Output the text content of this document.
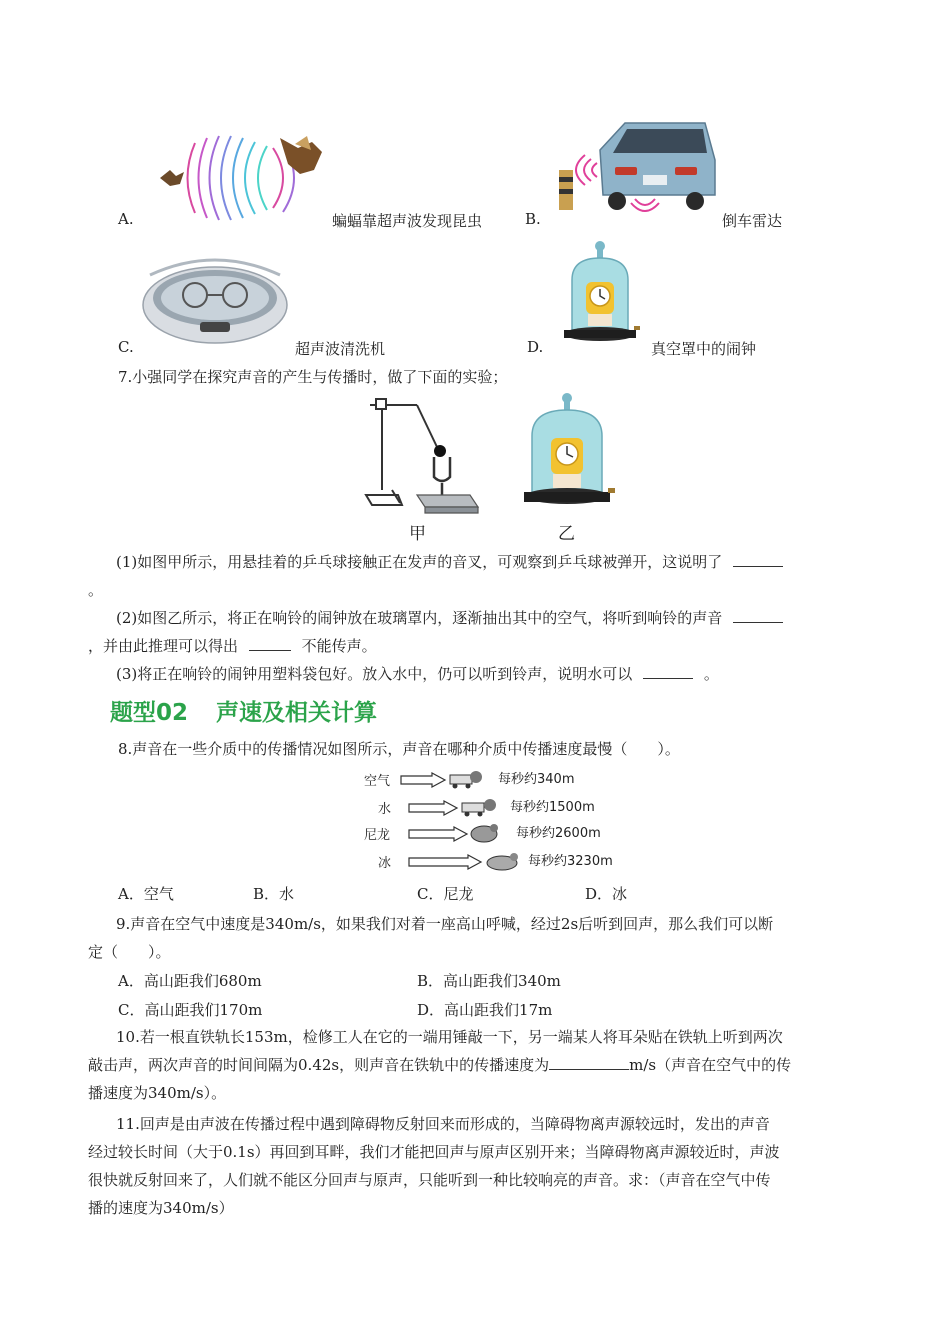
A.	蝙蝠靠超声波发现昆虫	B.	倒车雷达
C.	超声波清洗机	D.	真空罩中的闹钟
7.小强同学在探究声音的产生与传播时，做了下面的实验；
甲	乙
(1)如图甲所示，用悬挂着的乒乓球接触正在发声的音叉，可观察到乒乓球被弹开，这说明了
。
(2)如图乙所示，将正在响铃的闹钟放在玻璃罩内，逐渐抽出其中的空气，将听到响铃的声音
，并由此推理可以得出	不能传声。
(3)将正在响铃的闹钟用塑料袋包好。放入水中，仍可以听到铃声，说明水可以	。
题型02 声速及相关计算
8.声音在一些介质中的传播情况如图所示，声音在哪种介质中传播速度最慢（　　）。
空气	每秒约340m
水	每秒约1500m
尼龙	每秒约2600m
冰	每秒约3230m
A．空气	B．水	C．尼龙	D．冰
9.声音在空气中速度是340m/s，如果我们对着一座高山呼喊，经过2s后听到回声，那么我们可以断
定（　　）。
A．高山距我们680m	B．高山距我们340m
C．高山距我们170m	D．高山距我们17m
10.若一根直铁轨长153m，检修工人在它的一端用锤敲一下，另一端某人将耳朵贴在铁轨上听到两次
敲击声，两次声音的时间间隔为0.42s，则声音在铁轨中的传播速度为	m/s（声音在空气中的传
播速度为340m/s）。
11.回声是由声波在传播过程中遇到障碍物反射回来而形成的，当障碍物离声源较远时，发出的声音
经过较长时间（大于0.1s）再回到耳畔，我们才能把回声与原声区别开来；当障碍物离声源较近时，声波
很快就反射回来了，人们就不能区分回声与原声，只能听到一种比较响亮的声音。求：（声音在空气中传
播的速度为340m/s）
